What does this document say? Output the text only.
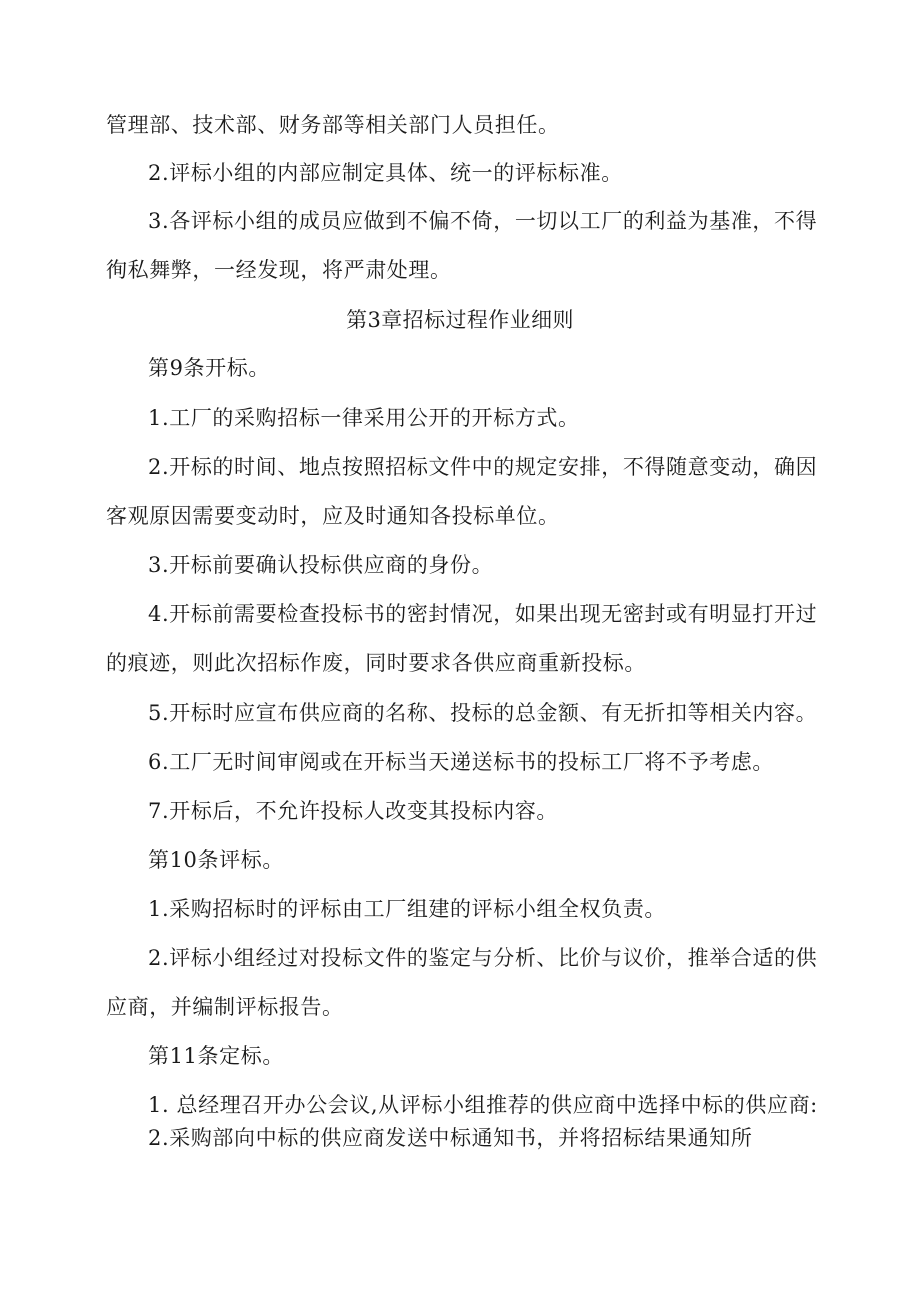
管理部、技术部、财务部等相关部门人员担任。
2.评标小组的内部应制定具体、统一的评标标准。
3.各评标小组的成员应做到不偏不倚，一切以工厂的利益为基准，不得
徇私舞弊，一经发现，将严肃处理。
第3章招标过程作业细则
第9条开标。
1.工厂的采购招标一律采用公开的开标方式。
2.开标的时间、地点按照招标文件中的规定安排，不得随意变动，确因
客观原因需要变动时，应及时通知各投标单位。
3.开标前要确认投标供应商的身份。
4.开标前需要检查投标书的密封情况，如果出现无密封或有明显打开过
的痕迹，则此次招标作废，同时要求各供应商重新投标。
5.开标时应宣布供应商的名称、投标的总金额、有无折扣等相关内容。
6.工厂无时间审阅或在开标当天递送标书的投标工厂将不予考虑。
7.开标后，不允许投标人改变其投标内容。
第10条评标。
1.采购招标时的评标由工厂组建的评标小组全权负责。
2.评标小组经过对投标文件的鉴定与分析、比价与议价，推举合适的供
应商，并编制评标报告。
第11条定标。
1. 总经理召开办公会议,从评标小组推荐的供应商中选择中标的供应商:
2.采购部向中标的供应商发送中标通知书，并将招标结果通知所
